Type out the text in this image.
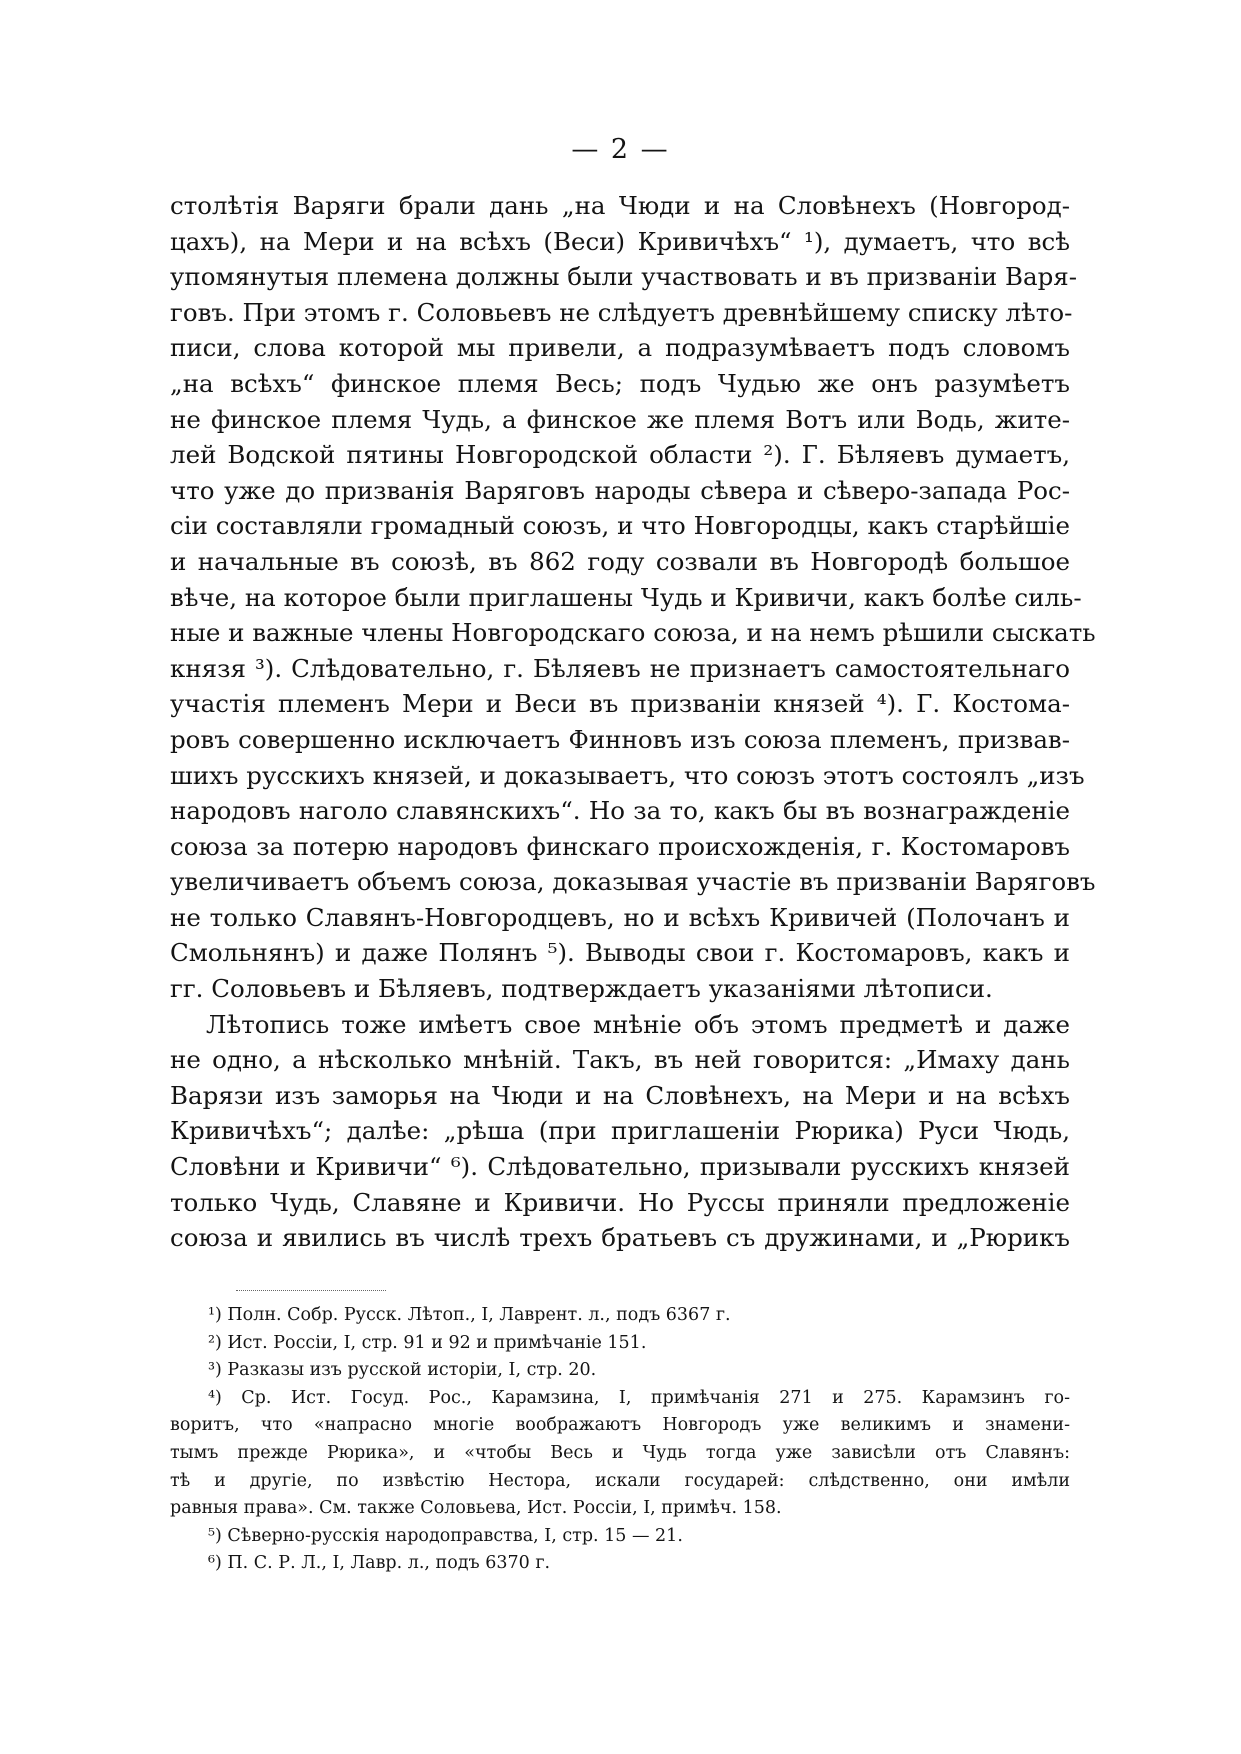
— 2 —
столѣтія Варяги брали дань „на Чюди и на Словѣнехъ (Новгород-
цахъ), на Мери и на всѣхъ (Веси) Кривичѣхъ“ ¹), думаетъ, что всѣ
упомянутыя племена должны были участвовать и въ призваніи Варя-
говъ. При этомъ г. Соловьевъ не слѣдуетъ древнѣйшему списку лѣто-
писи, слова которой мы привели, а подразумѣваетъ подъ словомъ
„на всѣхъ“ финское племя Весь; подъ Чудью же онъ разумѣетъ
не финское племя Чудь, а финское же племя Вотъ или Водь, жите-
лей Водской пятины Новгородской области ²). Г. Бѣляевъ думаетъ,
что уже до призванія Варяговъ народы сѣвера и сѣверо-запада Рос-
сіи составляли громадный союзъ, и что Новгородцы, какъ старѣйшіе
и начальные въ союзѣ, въ 862 году созвали въ Новгородѣ большое
вѣче, на которое были приглашены Чудь и Кривичи, какъ болѣе силь-
ные и важные члены Новгородскаго союза, и на немъ рѣшили сыскать
князя ³). Слѣдовательно, г. Бѣляевъ не признаетъ самостоятельнаго
участія племенъ Мери и Веси въ призваніи князей ⁴). Г. Костома-
ровъ совершенно исключаетъ Финновъ изъ союза племенъ, призвав-
шихъ русскихъ князей, и доказываетъ, что союзъ этотъ состоялъ „изъ
народовъ наголо славянскихъ“. Но за то, какъ бы въ вознагражденіе
союза за потерю народовъ финскаго происхожденія, г. Костомаровъ
увеличиваетъ объемъ союза, доказывая участіе въ призваніи Варяговъ
не только Славянъ-Новгородцевъ, но и всѣхъ Кривичей (Полочанъ и
Смольнянъ) и даже Полянъ ⁵). Выводы свои г. Костомаровъ, какъ и
гг. Соловьевъ и Бѣляевъ, подтверждаетъ указаніями лѣтописи.
Лѣтопись тоже имѣетъ свое мнѣніе объ этомъ предметѣ и даже
не одно, а нѣсколько мнѣній. Такъ, въ ней говорится: „Имаху дань
Варязи изъ заморья на Чюди и на Словѣнехъ, на Мери и на всѣхъ
Кривичѣхъ“; далѣе: „рѣша (при приглашеніи Рюрика) Руси Чюдь,
Словѣни и Кривичи“ ⁶). Слѣдовательно, призывали русскихъ князей
только Чудь, Славяне и Кривичи. Но Руссы приняли предложеніе
союза и явились въ числѣ трехъ братьевъ съ дружинами, и „Рюрикъ
¹) Полн. Собр. Русск. Лѣтоп., I, Лаврент. л., подъ 6367 г.
²) Ист. Россіи, I, стр. 91 и 92 и примѣчаніе 151.
³) Разказы изъ русской исторіи, I, стр. 20.
⁴) Ср. Ист. Госуд. Рос., Карамзина, I, примѣчанія 271 и 275. Карамзинъ го-
воритъ, что «напрасно многіе воображаютъ Новгородъ уже великимъ и знамени-
тымъ прежде Рюрика», и «чтобы Весь и Чудь тогда уже зависѣли отъ Славянъ:
тѣ и другіе, по извѣстію Нестора, искали государей: слѣдственно, они имѣли
равныя права». См. также Соловьева, Ист. Россіи, I, примѣч. 158.
⁵) Сѣверно-русскія народоправства, I, стр. 15 — 21.
⁶) П. С. Р. Л., I, Лавр. л., подъ 6370 г.
